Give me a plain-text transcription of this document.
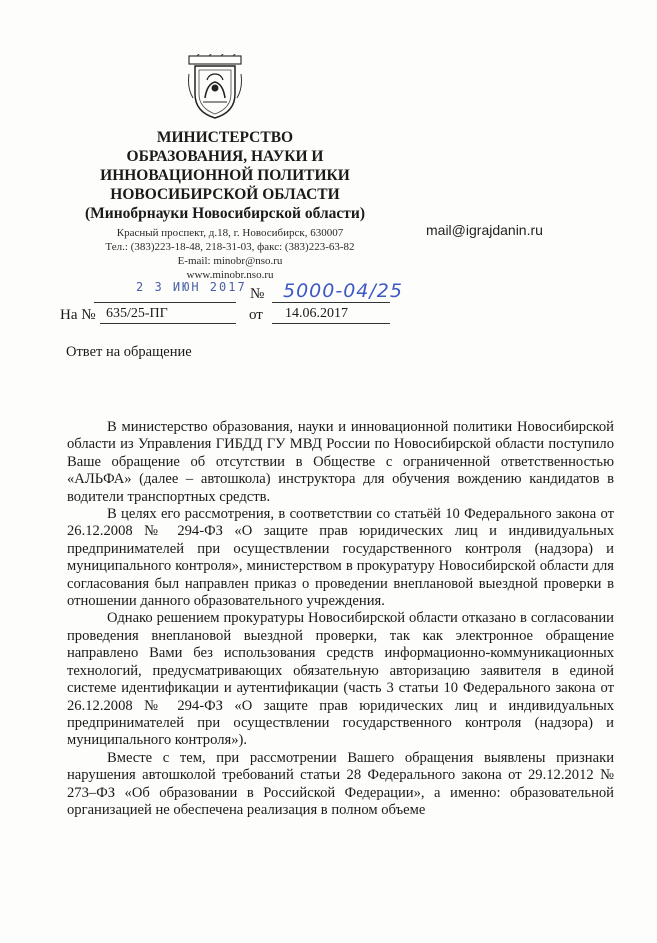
МИНИСТЕРСТВО
ОБРАЗОВАНИЯ, НАУКИ И
ИННОВАЦИОННОЙ ПОЛИТИКИ
НОВОСИБИРСКОЙ ОБЛАСТИ
(Минобрнауки Новосибирской области)
Красный проспект, д.18, г. Новосибирск, 630007
Тел.: (383)223-18-48, 218-31-03, факс: (383)223-63-82
E-mail: minobr@nso.ru
www.minobr.nso.ru
mail@igrajdanin.ru
2 3 ИЮН 2017 № 5000-04/25
На № 635/25-ПГ	от 14.06.2017
Ответ на обращение

В министерство образования, науки и инновационной политики Новосибирской области из Управления ГИБДД ГУ МВД России по Новосибирской области поступило Ваше обращение об отсутствии в Обществе с ограниченной ответственностью «АЛЬФА» (далее – автошкола) инструктора для обучения вождению кандидатов в водители транспортных средств.

В целях его рассмотрения, в соответствии со статьёй 10 Федерального закона от 26.12.2008 № 294-ФЗ «О защите прав юридических лиц и индивидуальных предпринимателей при осуществлении государственного контроля (надзора) и муниципального контроля», министерством в прокуратуру Новосибирской области для согласования был направлен приказ о проведении внеплановой выездной проверки в отношении данного образовательного учреждения.

Однако решением прокуратуры Новосибирской области отказано в согласовании проведения внеплановой выездной проверки, так как электронное обращение направлено Вами без использования средств информационно-коммуникационных технологий, предусматривающих обязательную авторизацию заявителя в единой системе идентификации и аутентификации (часть 3 статьи 10 Федерального закона от 26.12.2008 № 294-ФЗ «О защите прав юридических лиц и индивидуальных предпринимателей при осуществлении государственного контроля (надзора) и муниципального контроля»).

Вместе с тем, при рассмотрении Вашего обращения выявлены признаки нарушения автошколой требований статьи 28 Федерального закона от 29.12.2012 № 273–ФЗ «Об образовании в Российской Федерации», а именно: образовательной организацией не обеспечена реализация в полном объеме
